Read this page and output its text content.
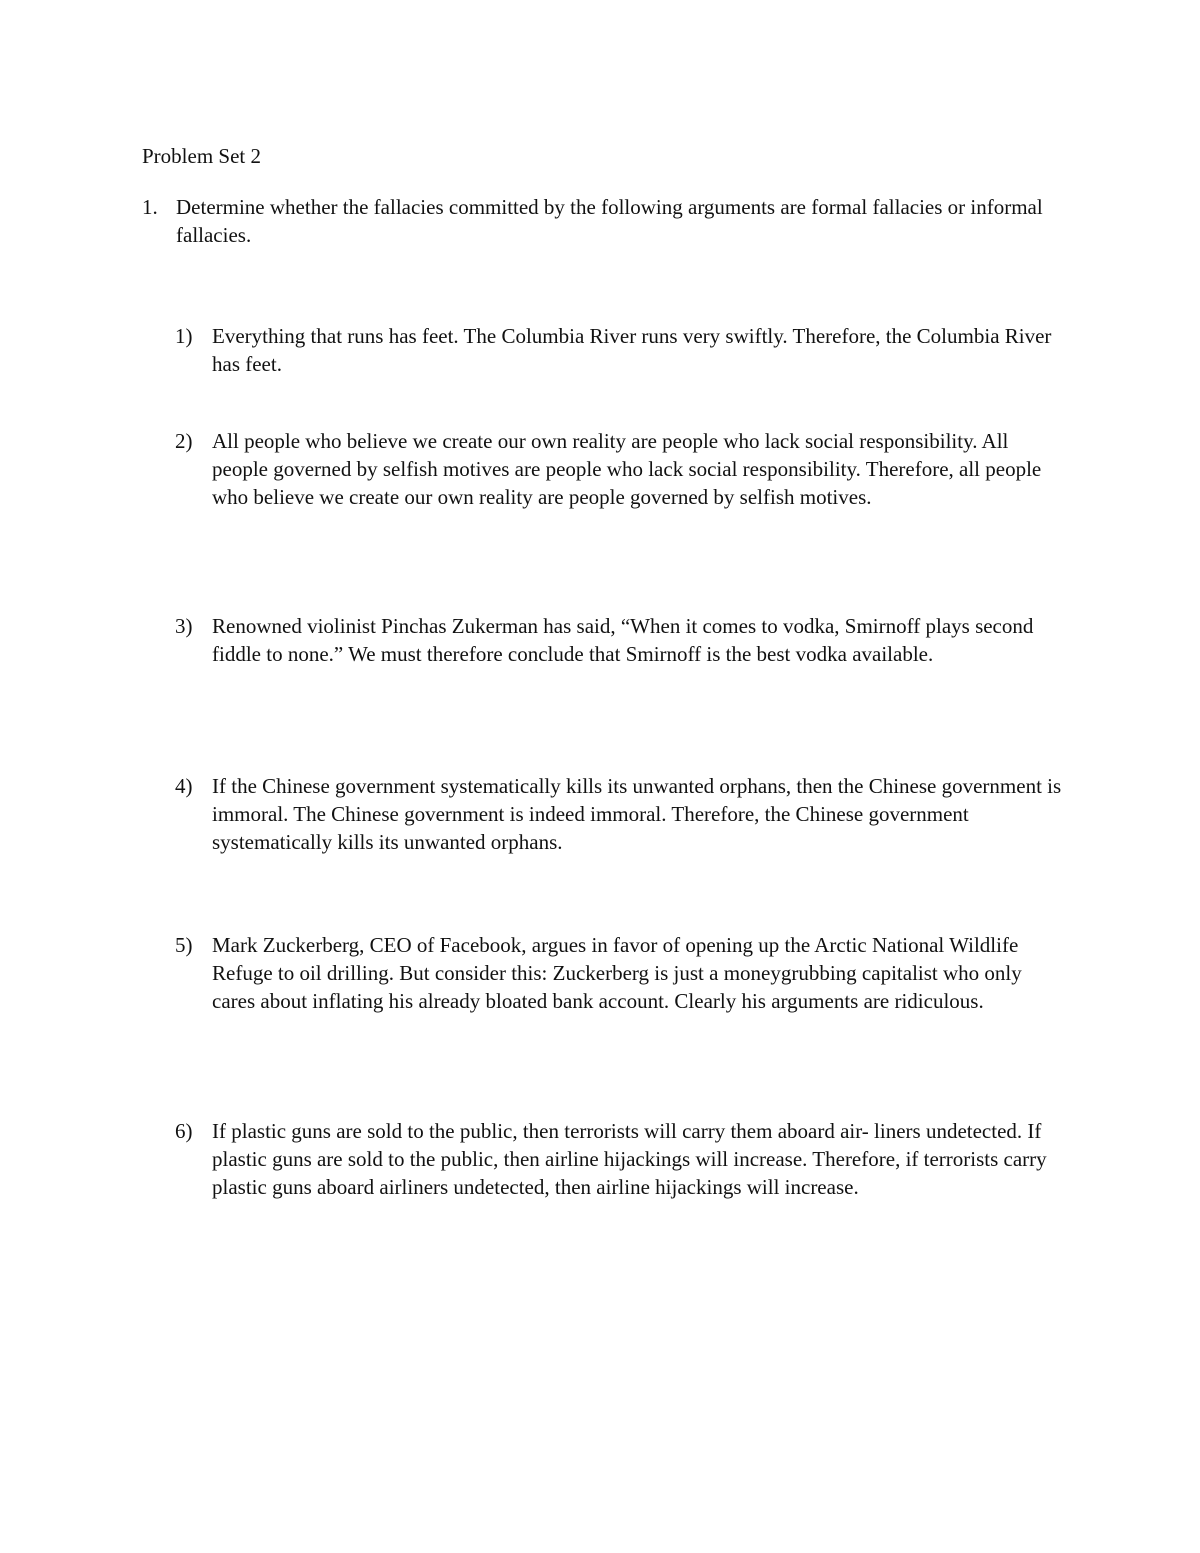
Problem Set 2
1. Determine whether the fallacies committed by the following arguments are formal fallacies or informal fallacies.
1) Everything that runs has feet. The Columbia River runs very swiftly. Therefore, the Columbia River has feet.
2) All people who believe we create our own reality are people who lack social responsibility. All people governed by selfish motives are people who lack social responsibility. Therefore, all people who believe we create our own reality are people governed by selfish motives.
3) Renowned violinist Pinchas Zukerman has said, “When it comes to vodka, Smirnoff plays second fiddle to none.” We must therefore conclude that Smirnoff is the best vodka available.
4) If the Chinese government systematically kills its unwanted orphans, then the Chinese government is immoral. The Chinese government is indeed immoral. Therefore, the Chinese government systematically kills its unwanted orphans.
5) Mark Zuckerberg, CEO of Facebook, argues in favor of opening up the Arctic National Wildlife Refuge to oil drilling. But consider this: Zuckerberg is just a moneygrubbing capitalist who only cares about inflating his already bloated bank account. Clearly his arguments are ridiculous.
6) If plastic guns are sold to the public, then terrorists will carry them aboard air- liners undetected. If plastic guns are sold to the public, then airline hijackings will increase. Therefore, if terrorists carry plastic guns aboard airliners undetected, then airline hijackings will increase.
